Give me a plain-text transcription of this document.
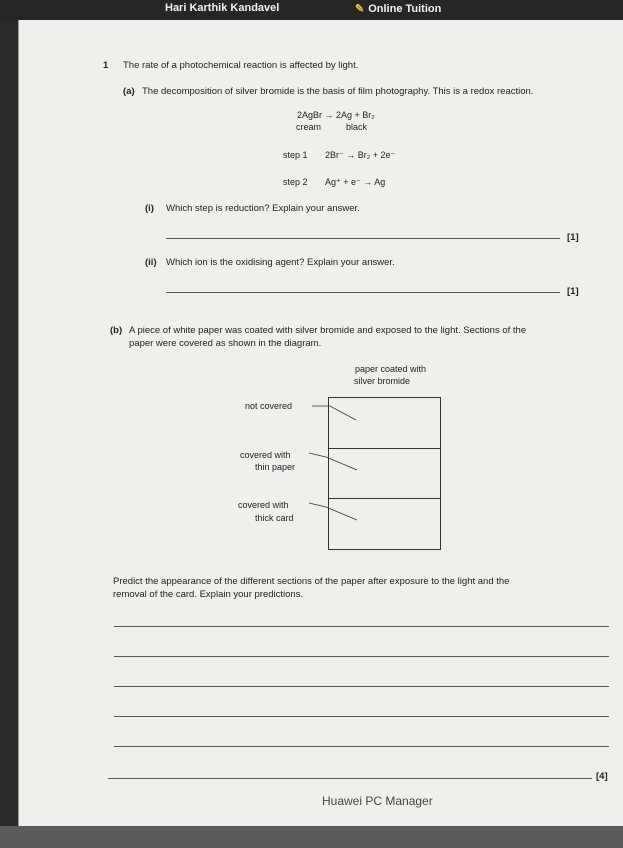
Hari Karthik Kandavel	✎ Online Tuition
1 The rate of a photochemical reaction is affected by light.
(a) The decomposition of silver bromide is the basis of film photography. This is a redox reaction.
2AgBr → 2Ag + Br₂
cream	black
step 1 2Br⁻ → Br₂ + 2e⁻
step 2 Ag⁺ + e⁻ → Ag
(i) Which step is reduction? Explain your answer.
[1]
(ii) Which ion is the oxidising agent? Explain your answer.
[1]
(b) A piece of white paper was coated with silver bromide and exposed to the light. Sections of the
paper were covered as shown in the diagram.
paper coated with
silver bromide
not covered
covered with
thin paper
covered with
thick card
Predict the appearance of the different sections of the paper after exposure to the light and the
removal of the card. Explain your predictions.
[4]
Huawei PC Manager
